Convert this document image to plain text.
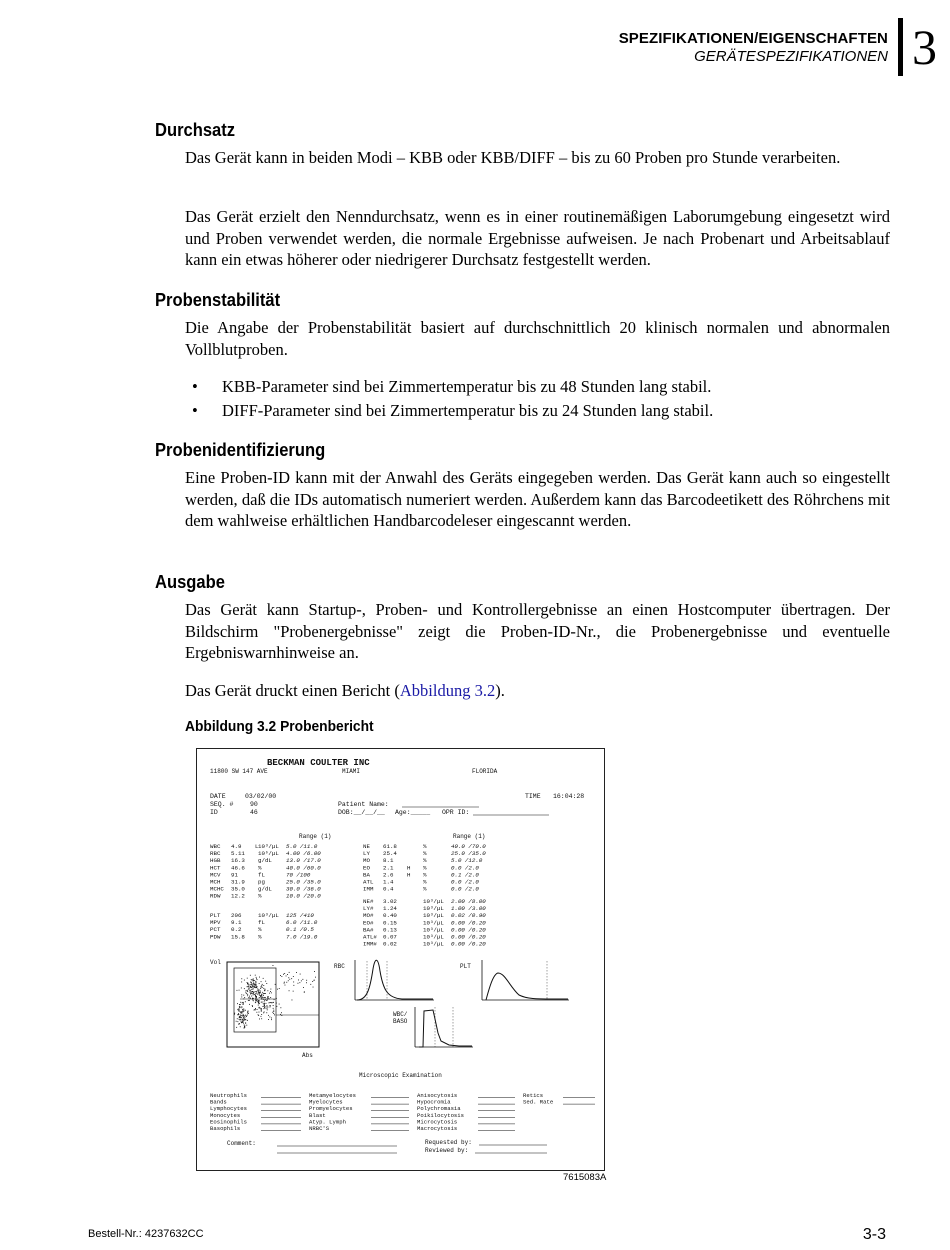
SPEZIFIKATIONEN/EIGENSCHAFTEN
GERÄTESPEZIFIKATIONEN 3
Durchsatz

Das Gerät kann in beiden Modi – KBB oder KBB/DIFF – bis zu 60 Proben pro Stunde verarbeiten.

Das Gerät erzielt den Nenndurchsatz, wenn es in einer routinemäßigen Laborumgebung eingesetzt wird und Proben verwendet werden, die normale Ergebnisse aufweisen. Je nach Probenart und Arbeitsablauf kann ein etwas höherer oder niedrigerer Durchsatz festgestellt werden.

Probenstabilität

Die Angabe der Probenstabilität basiert auf durchschnittlich 20 klinisch normalen und abnormalen Vollblutproben.

• KBB-Parameter sind bei Zimmertemperatur bis zu 48 Stunden lang stabil.
• DIFF-Parameter sind bei Zimmertemperatur bis zu 24 Stunden lang stabil.
Probenidentifizierung

Eine Proben-ID kann mit der Anwahl des Geräts eingegeben werden. Das Gerät kann auch so eingestellt werden, daß die IDs automatisch numeriert werden. Außerdem kann das Barcodeetikett des Röhrchens mit dem wahlweise erhältlichen Handbarcodeleser eingescannt werden.

Ausgabe

Das Gerät kann Startup-, Proben- und Kontrollergebnisse an einen Hostcomputer übertragen. Der Bildschirm "Probenergebnisse" zeigt die Proben-ID-Nr., die Probenergebnisse und eventuelle Ergebniswarnhinweise an.

Das Gerät druckt einen Bericht (Abbildung 3.2).

Abbildung 3.2 Probenbericht
BECKMAN COULTER INC
11800 SW 147 AVE	MIAMI	FLORIDA
DATE	03/02/00
SEQ. #	90
ID	46
TIME 16:04:28
Patient Name:
DOB:__/__/__ Age:_____ OPR ID:
Range (1)	Range (1)
WBC 4.9 L 10³/µL 5.0 /11.0
RBC 5.11 10⁶/µL 4.00 /6.00
HGB 16.3 g/dL 13.0 /17.0
HCT 46.6 %	40.0 /60.0
MCV 91	fL	70 /100
MCH 31.9 pg	25.0 /35.0
MCHC 35.0 g/dL 30.0 /36.0
RDW 12.2 %	10.0 /20.0
NE 61.8	%	40.0 /70.0
LY 25.4	%	25.0 /35.0
MO 8.1	%	5.0 /12.0
EO 2.1 H %	0.0 /2.0
BA 2.6 H %	0.1 /2.0
ATL 1.4	%	0.0 /2.0
IMM 0.4	%	0.0 /2.0
PLT 206	10³/µL 125 /410
MPV 9.1	fL	6.0 /11.0
PCT 0.2	%	0.1 /0.5
PDW 15.8 %	7.0 /19.0
NE# 3.02	10³/µL 2.00 /8.00
LY# 1.24	10³/µL 1.00 /3.00
MO# 0.40	10³/µL 0.02 /0.90
EO# 0.15	10³/µL 0.00 /0.20
BA# 0.13	10³/µL 0.00 /0.20
ATL# 0.07	10³/µL 0.00 /0.20
IMM# 0.02	10³/µL 0.00 /0.20
Vol
Abs
RBC	PLT
WBC/
BASO
Microscopic Examination
Neutrophils
Bands
Lymphocytes
Monocytes
Eosinophils
Basophils
Metamyelocytes
Myelocytes
Promyelocytes
Blast
Atyp. Lymph
NRBC'S
Anisocytosis
Hypocromia
Polychromasia
Poikilocytosis
Microcytosis
Macrocytosis
Retics
Sed. Rate
Comment:	Requested by:
Reviewed by:
7615083A
Bestell-Nr.: 4237632CC	3-3
